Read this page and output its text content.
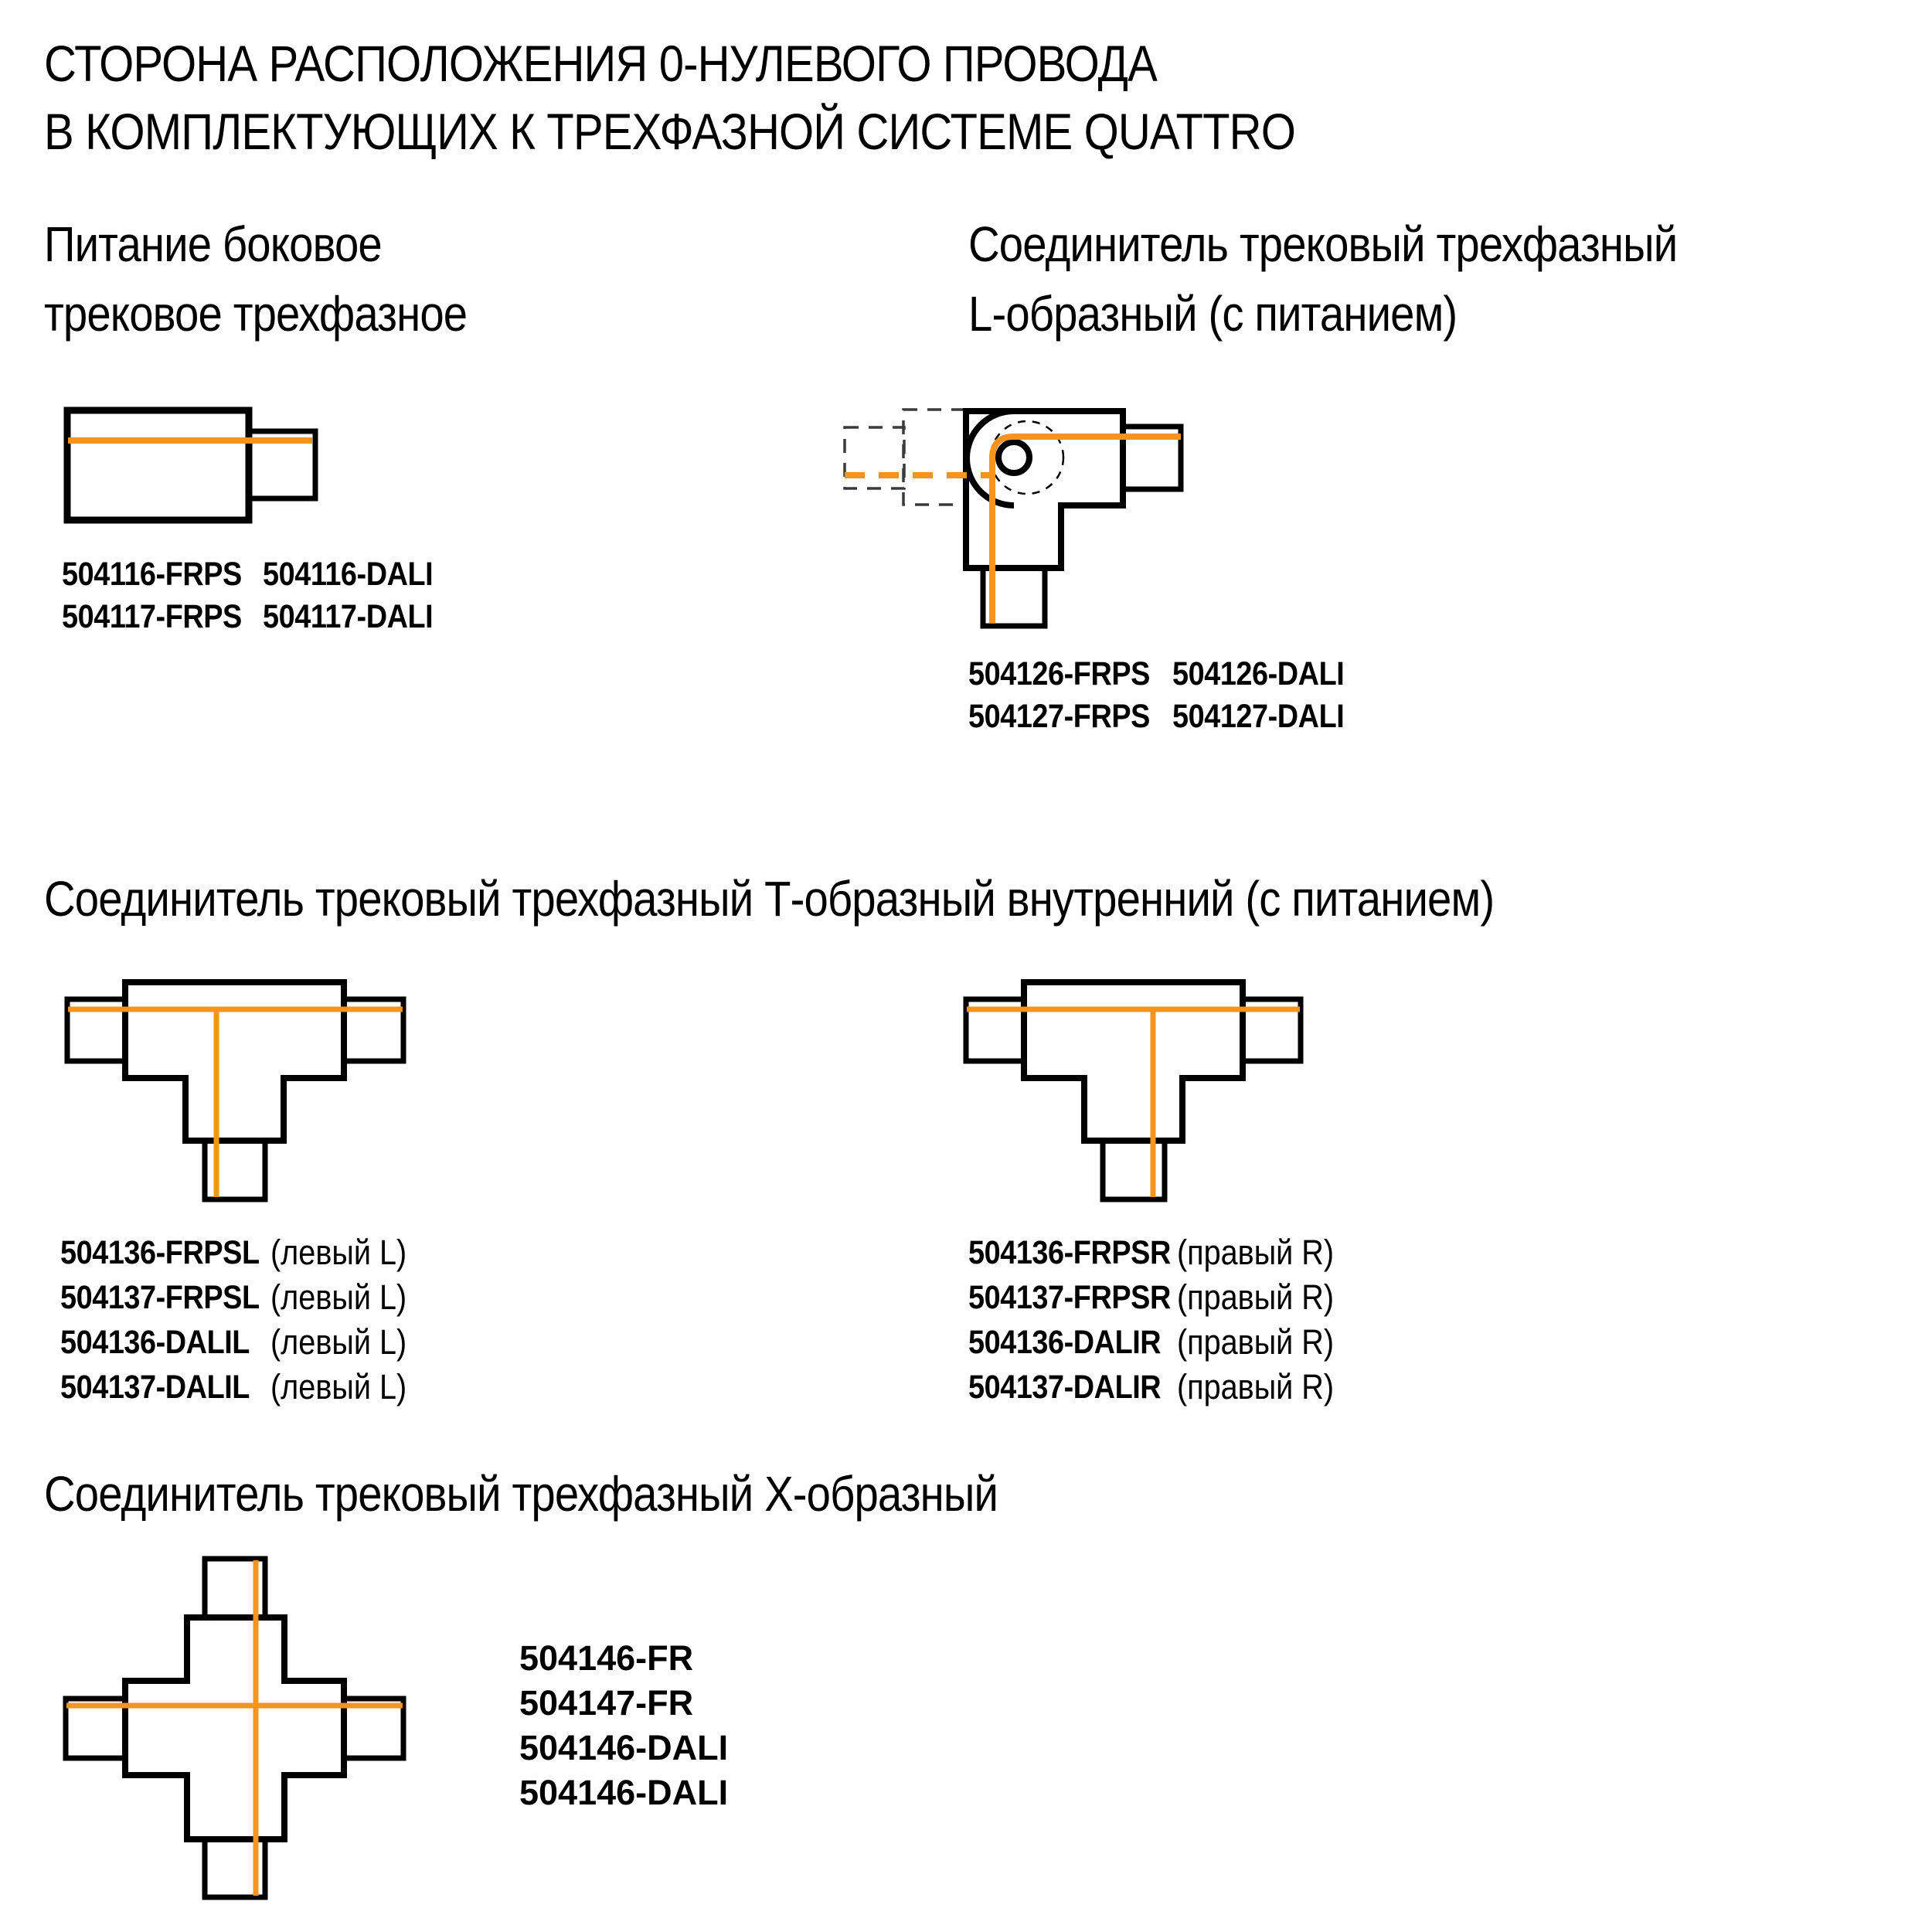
СТОРОНА РАСПОЛОЖЕНИЯ 0-НУЛЕВОГО ПРОВОДА
В КОМПЛЕКТУЮЩИХ К ТРЕХФАЗНОЙ СИСТЕМЕ QUATTRO
Питание боковое
трековое трехфазное
Соединитель трековый трехфазный
L-образный (с питанием)
Соединитель трековый трехфазный Т-образный внутренний (с питанием)
Соединитель трековый трехфазный Х-образный
504116-FRPS
504117-FRPS
504116-DALI
504117-DALI
504126-FRPS
504127-FRPS
504126-DALI
504127-DALI
504136-FRPSL
504137-FRPSL
504136-DALIL
504137-DALIL
(левый L)
(левый L)
(левый L)
(левый L)
504136-FRPSR
504137-FRPSR
504136-DALIR
504137-DALIR
(правый R)
(правый R)
(правый R)
(правый R)
504146-FR
504147-FR
504146-DALI
504146-DALI
